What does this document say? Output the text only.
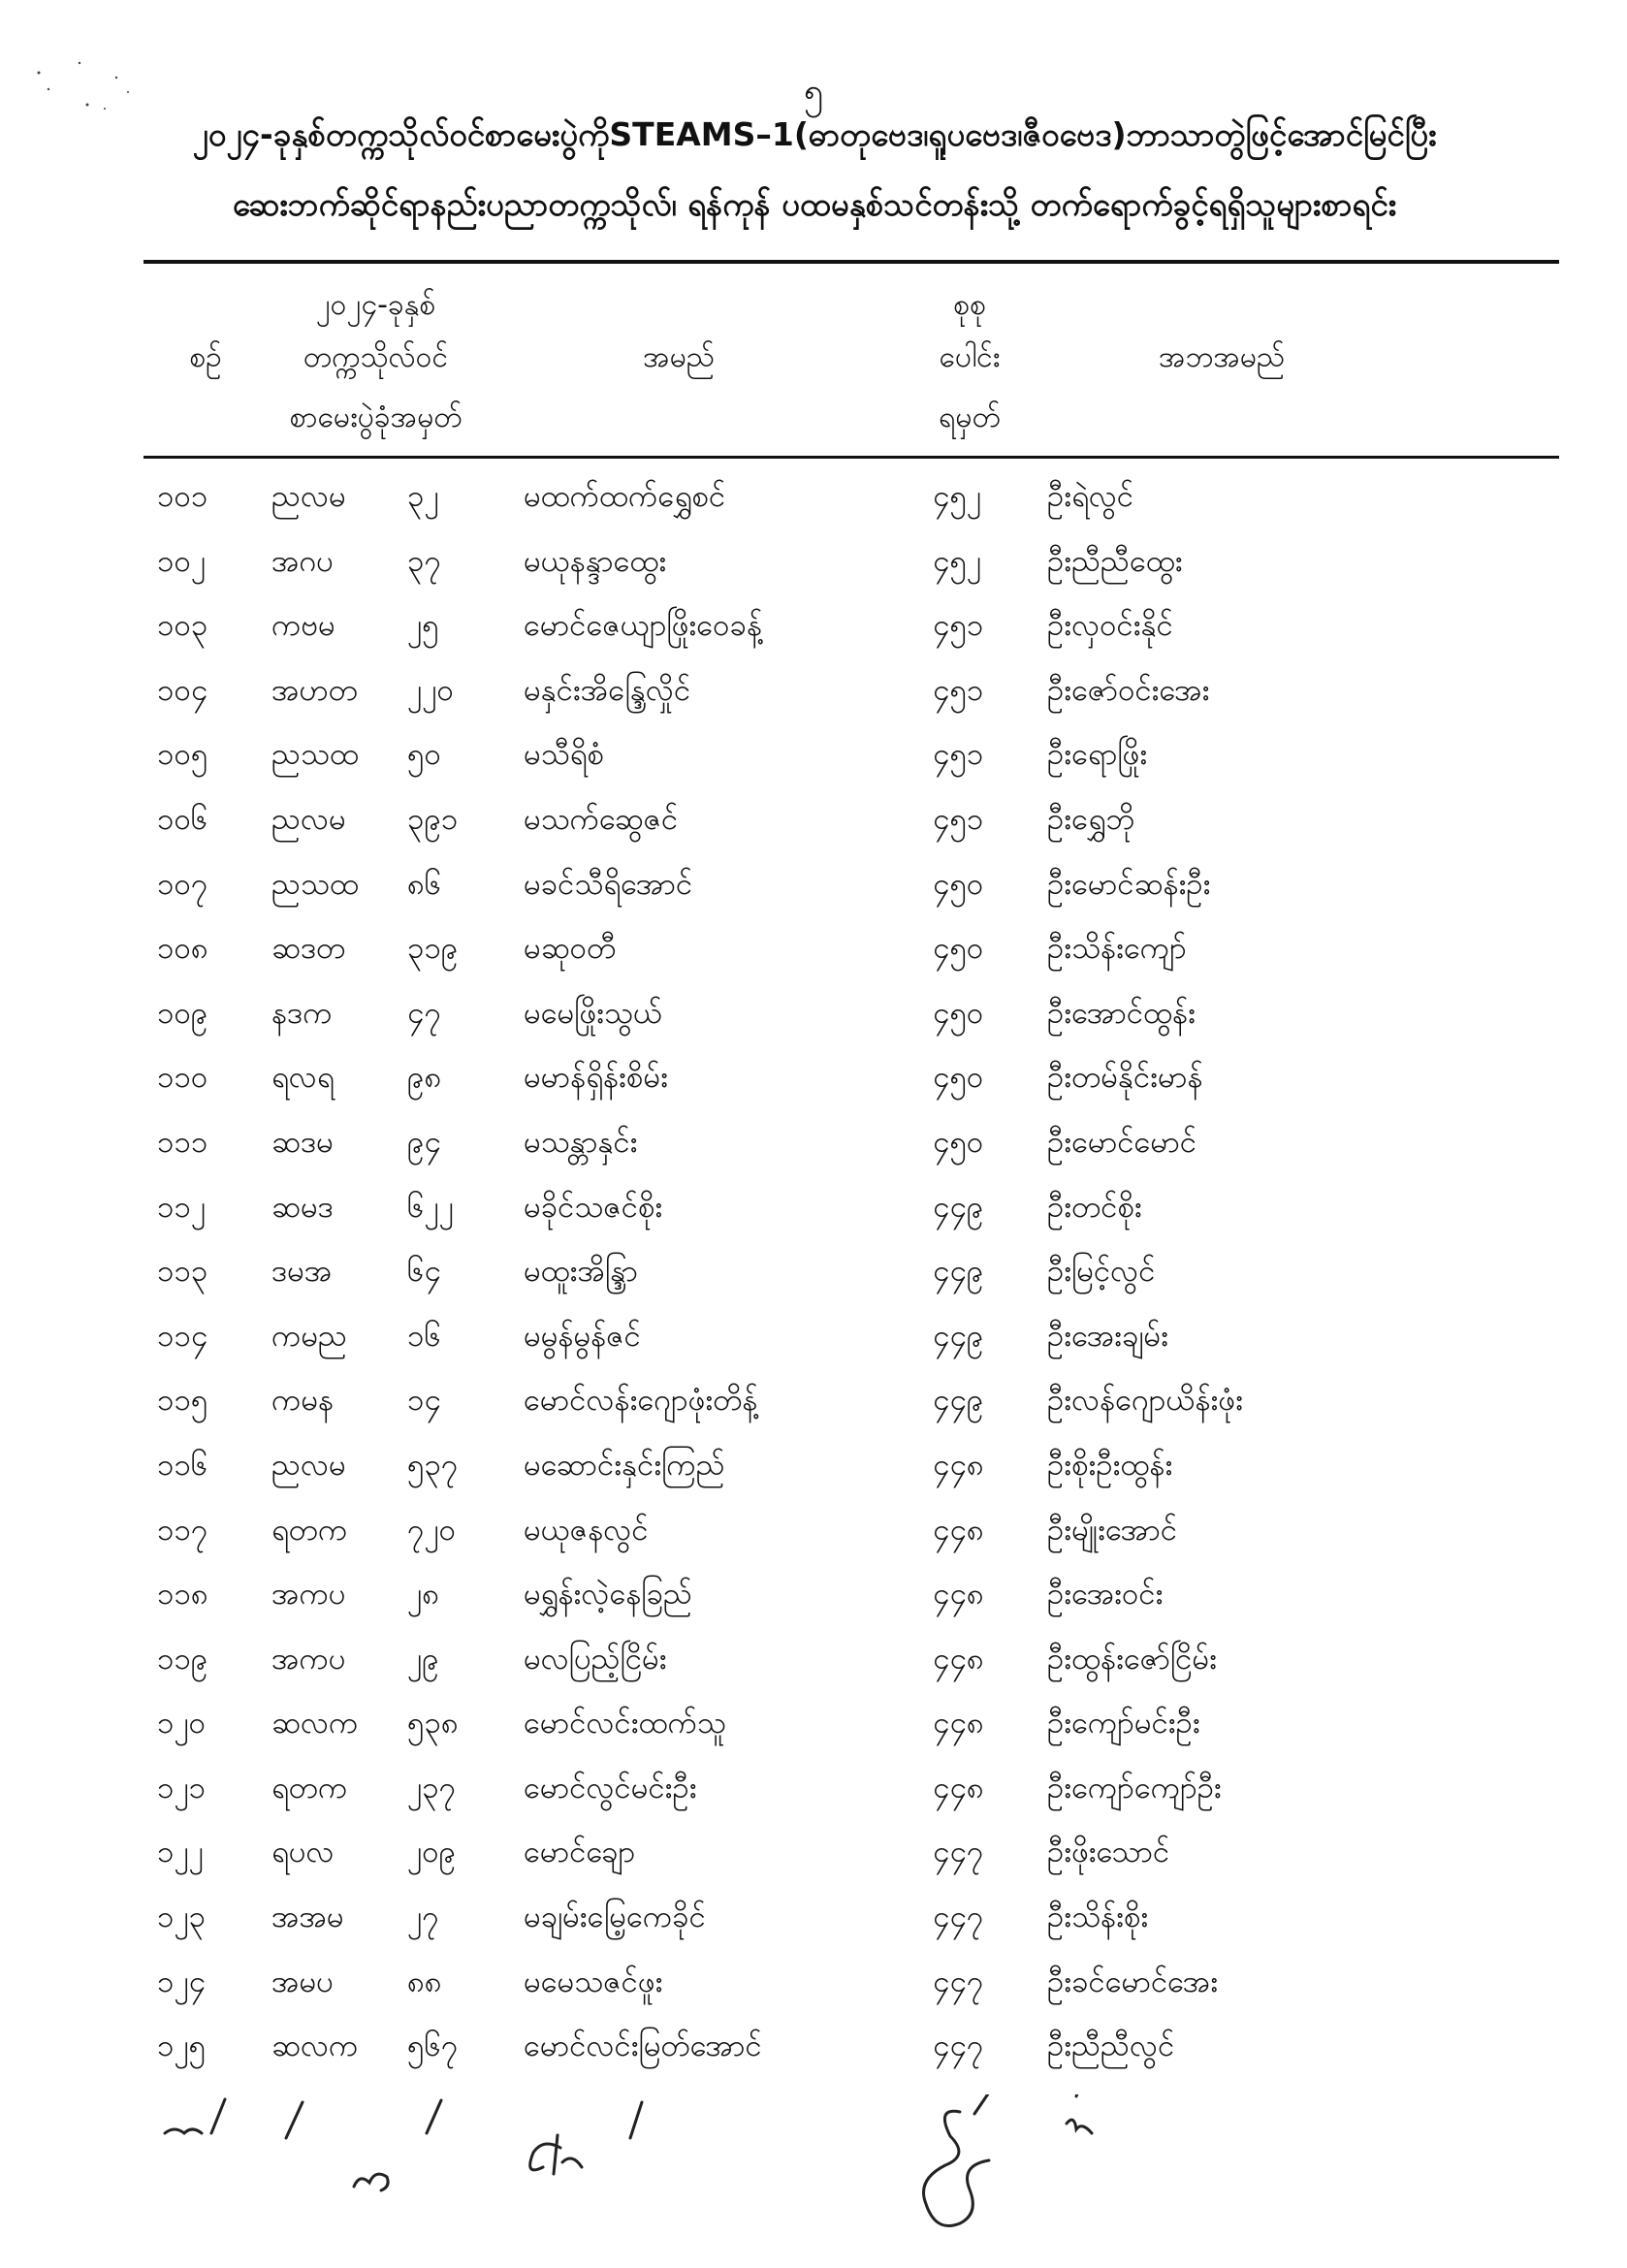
၅
၂၀၂၄-ခုနှစ်တက္ကသိုလ်ဝင်စာမေးပွဲကိုSTEAMS–1(ဓာတုဗေဒ၊ရူပဗေဒ၊ဇီဝဗေဒ)ဘာသာတွဲဖြင့်အောင်မြင်ပြီး
ဆေးဘက်ဆိုင်ရာနည်းပညာတက္ကသိုလ်၊ ရန်ကုန် ပထမနှစ်သင်တန်းသို့ တက်ရောက်ခွင့်ရရှိသူများစာရင်း
စဉ်
၂၀၂၄-ခုနှစ်
တက္ကသိုလ်ဝင်
စာမေးပွဲခုံအမှတ်
အမည်
စုစု
ပေါင်း
ရမှတ်
အဘအမည်
၁၀၁ ညလမ ၃၂	မထက်ထက်ရွှေစင်	၄၅၂ ဦးရဲလွင်
၁၀၂ အဂပ ၃၇	မယုနန္ဒာထွေး	၄၅၂ ဦးညီညီထွေး
၁၀၃ ကဗမ ၂၅	မောင်ဇေယျာဖြိုးဝေခန့်	၄၅၁ ဦးလှဝင်းနိုင်
၁၀၄ အဟတ ၂၂၀ မနှင်းအိန္ဒြေလှိုင်	၄၅၁ ဦးဇော်ဝင်းအေး
၁၀၅ ညသထ ၅၀	မသီရိစံ	၄၅၁ ဦးရောဖြိုး
၁၀၆ ညလမ ၃၉၁ မသက်ဆွေဇင်	၄၅၁ ဦးရွှေဘို
၁၀၇ ညသထ ၈၆	မခင်သီရိအောင်	၄၅၀ ဦးမောင်ဆန်းဦး
၁၀၈ ဆဒတ ၃၁၉ မဆုဝတီ	၄၅၀ ဦးသိန်းကျော်
၁၀၉ နဒက ၄၇	မမေဖြိုးသွယ်	၄၅၀ ဦးအောင်ထွန်း
၁၁၀ ရလရ ၉၈	မမာန်ရှိန်းစိမ်း	၄၅၀ ဦးတမ်နိုင်းမာန်
၁၁၁ ဆဒမ ၉၄	မသန္တာနှင်း	၄၅၀ ဦးမောင်မောင်
၁၁၂ ဆမဒ ၆၂၂ မခိုင်သဇင်စိုး	၄၄၉ ဦးတင်စိုး
၁၁၃ ဒမအ	၆၄	မထူးအိန္ဒြာ	၄၄၉ ဦးမြင့်လွင်
၁၁၄ ကမည ၁၆	မမွန်မွန်ဇင်	၄၄၉ ဦးအေးချမ်း
၁၁၅ ကမန ၁၄	မောင်လန်းဂျောဖုံးတိန့်	၄၄၉ ဦးလန်ဂျောယိန်းဖုံး
၁၁၆ ညလမ ၅၃၇ မဆောင်းနှင်းကြည်	၄၄၈ ဦးစိုးဦးထွန်း
၁၁၇ ရတက ၇၂၀ မယုဇနလွင်	၄၄၈ ဦးမျိုးအောင်
၁၁၈ အကပ ၂၈	မရွှန်းလဲ့နေခြည်	၄၄၈ ဦးအေးဝင်း
၁၁၉ အကပ ၂၉	မလပြည့်ငြိမ်း	၄၄၈ ဦးထွန်းဇော်ငြိမ်း
၁၂၀ ဆလက ၅၃၈ မောင်လင်းထက်သူ	၄၄၈ ဦးကျော်မင်းဦး
၁၂၁ ရတက ၂၃၇ မောင်လွင်မင်းဦး	၄၄၈ ဦးကျော်ကျော်ဦး
၁၂၂ ရပလ ၂၀၉ မောင်ချော	၄၄၇ ဦးဖိုးသောင်
၁၂၃ အအမ ၂၇	မချမ်းမြေ့ကေခိုင်	၄၄၇ ဦးသိန်းစိုး
၁၂၄ အမပ ၈၈	မမေသဇင်ဖူး	၄၄၇ ဦးခင်မောင်အေး
၁၂၅ ဆလက ၅၆၇ မောင်လင်းမြတ်အောင်	၄၄၇ ဦးညီညီလွင်
